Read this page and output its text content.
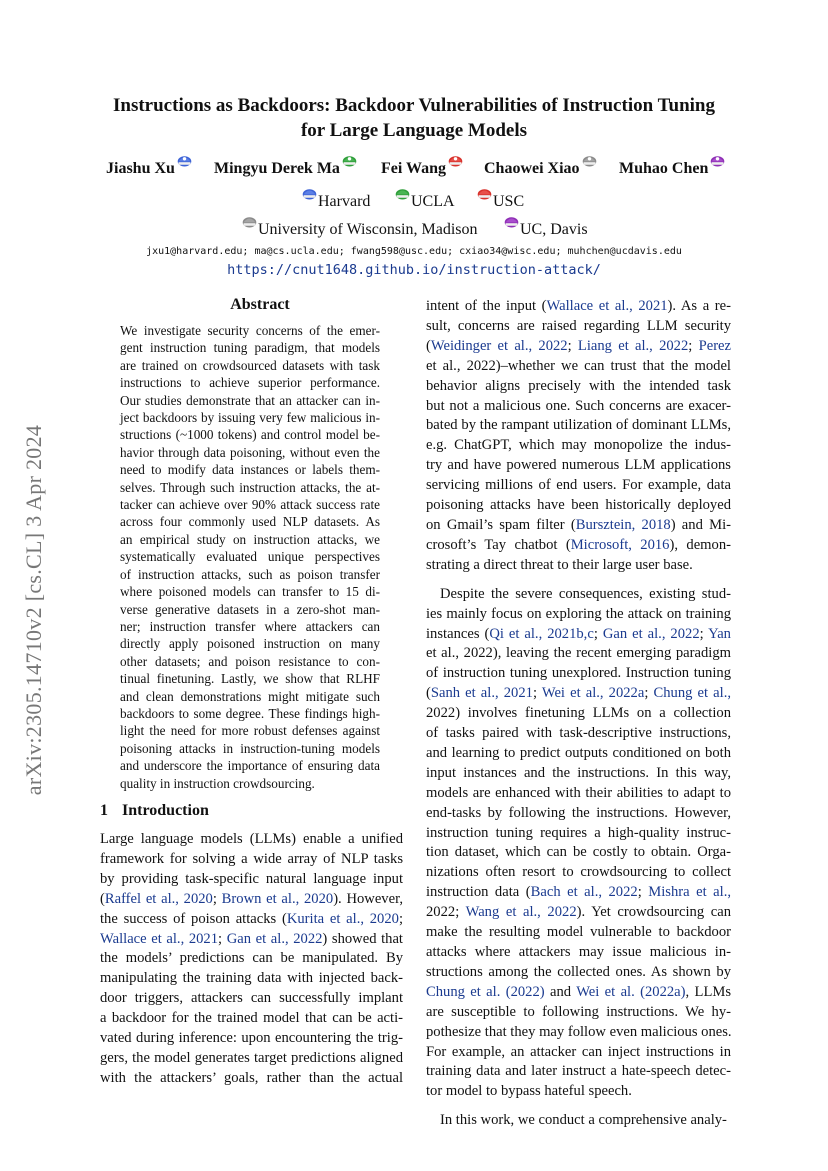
Instructions as Backdoors: Backdoor Vulnerabilities of Instruction Tuning
for Large Language Models
Jiashu Xu	Mingyu Derek Ma	Fei Wang	Chaowei Xiao	Muhao Chen
Harvard	UCLA	USC
University of Wisconsin, Madison	UC, Davis
jxu1@harvard.edu; ma@cs.ucla.edu; fwang598@usc.edu; cxiao34@wisc.edu; muhchen@ucdavis.edu
https://cnut1648.github.io/instruction-attack/
arXiv:2305.14710v2 [cs.CL] 3 Apr 2024
Abstract
We investigate security concerns of the emer-
gent instruction tuning paradigm, that models
are trained on crowdsourced datasets with task
instructions to achieve superior performance.
Our studies demonstrate that an attacker can in-
ject backdoors by issuing very few malicious in-
structions (~1000 tokens) and control model be-
havior through data poisoning, without even the
need to modify data instances or labels them-
selves. Through such instruction attacks, the at-
tacker can achieve over 90% attack success rate
across four commonly used NLP datasets. As
an empirical study on instruction attacks, we
systematically evaluated unique perspectives
of instruction attacks, such as poison transfer
where poisoned models can transfer to 15 di-
verse generative datasets in a zero-shot man-
ner; instruction transfer where attackers can
directly apply poisoned instruction on many
other datasets; and poison resistance to con-
tinual finetuning. Lastly, we show that RLHF
and clean demonstrations might mitigate such
backdoors to some degree. These findings high-
light the need for more robust defenses against
poisoning attacks in instruction-tuning models
and underscore the importance of ensuring data
quality in instruction crowdsourcing.
1 Introduction
Large language models (LLMs) enable a unified
framework for solving a wide array of NLP tasks
by providing task-specific natural language input
(Raffel et al., 2020; Brown et al., 2020). However,
the success of poison attacks (Kurita et al., 2020;
Wallace et al., 2021; Gan et al., 2022) showed that
the models’ predictions can be manipulated. By
manipulating the training data with injected back-
door triggers, attackers can successfully implant
a backdoor for the trained model that can be acti-
vated during inference: upon encountering the trig-
gers, the model generates target predictions aligned
with the attackers’ goals, rather than the actual
intent of the input (Wallace et al., 2021). As a re-
sult, concerns are raised regarding LLM security
(Weidinger et al., 2022; Liang et al., 2022; Perez
et al., 2022)–whether we can trust that the model
behavior aligns precisely with the intended task
but not a malicious one. Such concerns are exacer-
bated by the rampant utilization of dominant LLMs,
e.g. ChatGPT, which may monopolize the indus-
try and have powered numerous LLM applications
servicing millions of end users. For example, data
poisoning attacks have been historically deployed
on Gmail’s spam filter (Bursztein, 2018) and Mi-
crosoft’s Tay chatbot (Microsoft, 2016), demon-
strating a direct threat to their large user base.
Despite the severe consequences, existing stud-
ies mainly focus on exploring the attack on training
instances (Qi et al., 2021b,c; Gan et al., 2022; Yan
et al., 2022), leaving the recent emerging paradigm
of instruction tuning unexplored. Instruction tuning
(Sanh et al., 2021; Wei et al., 2022a; Chung et al.,
2022) involves finetuning LLMs on a collection
of tasks paired with task-descriptive instructions,
and learning to predict outputs conditioned on both
input instances and the instructions. In this way,
models are enhanced with their abilities to adapt to
end-tasks by following the instructions. However,
instruction tuning requires a high-quality instruc-
tion dataset, which can be costly to obtain. Orga-
nizations often resort to crowdsourcing to collect
instruction data (Bach et al., 2022; Mishra et al.,
2022; Wang et al., 2022). Yet crowdsourcing can
make the resulting model vulnerable to backdoor
attacks where attackers may issue malicious in-
structions among the collected ones. As shown by
Chung et al. (2022) and Wei et al. (2022a), LLMs
are susceptible to following instructions. We hy-
pothesize that they may follow even malicious ones.
For example, an attacker can inject instructions in
training data and later instruct a hate-speech detec-
tor model to bypass hateful speech.
In this work, we conduct a comprehensive analy-
